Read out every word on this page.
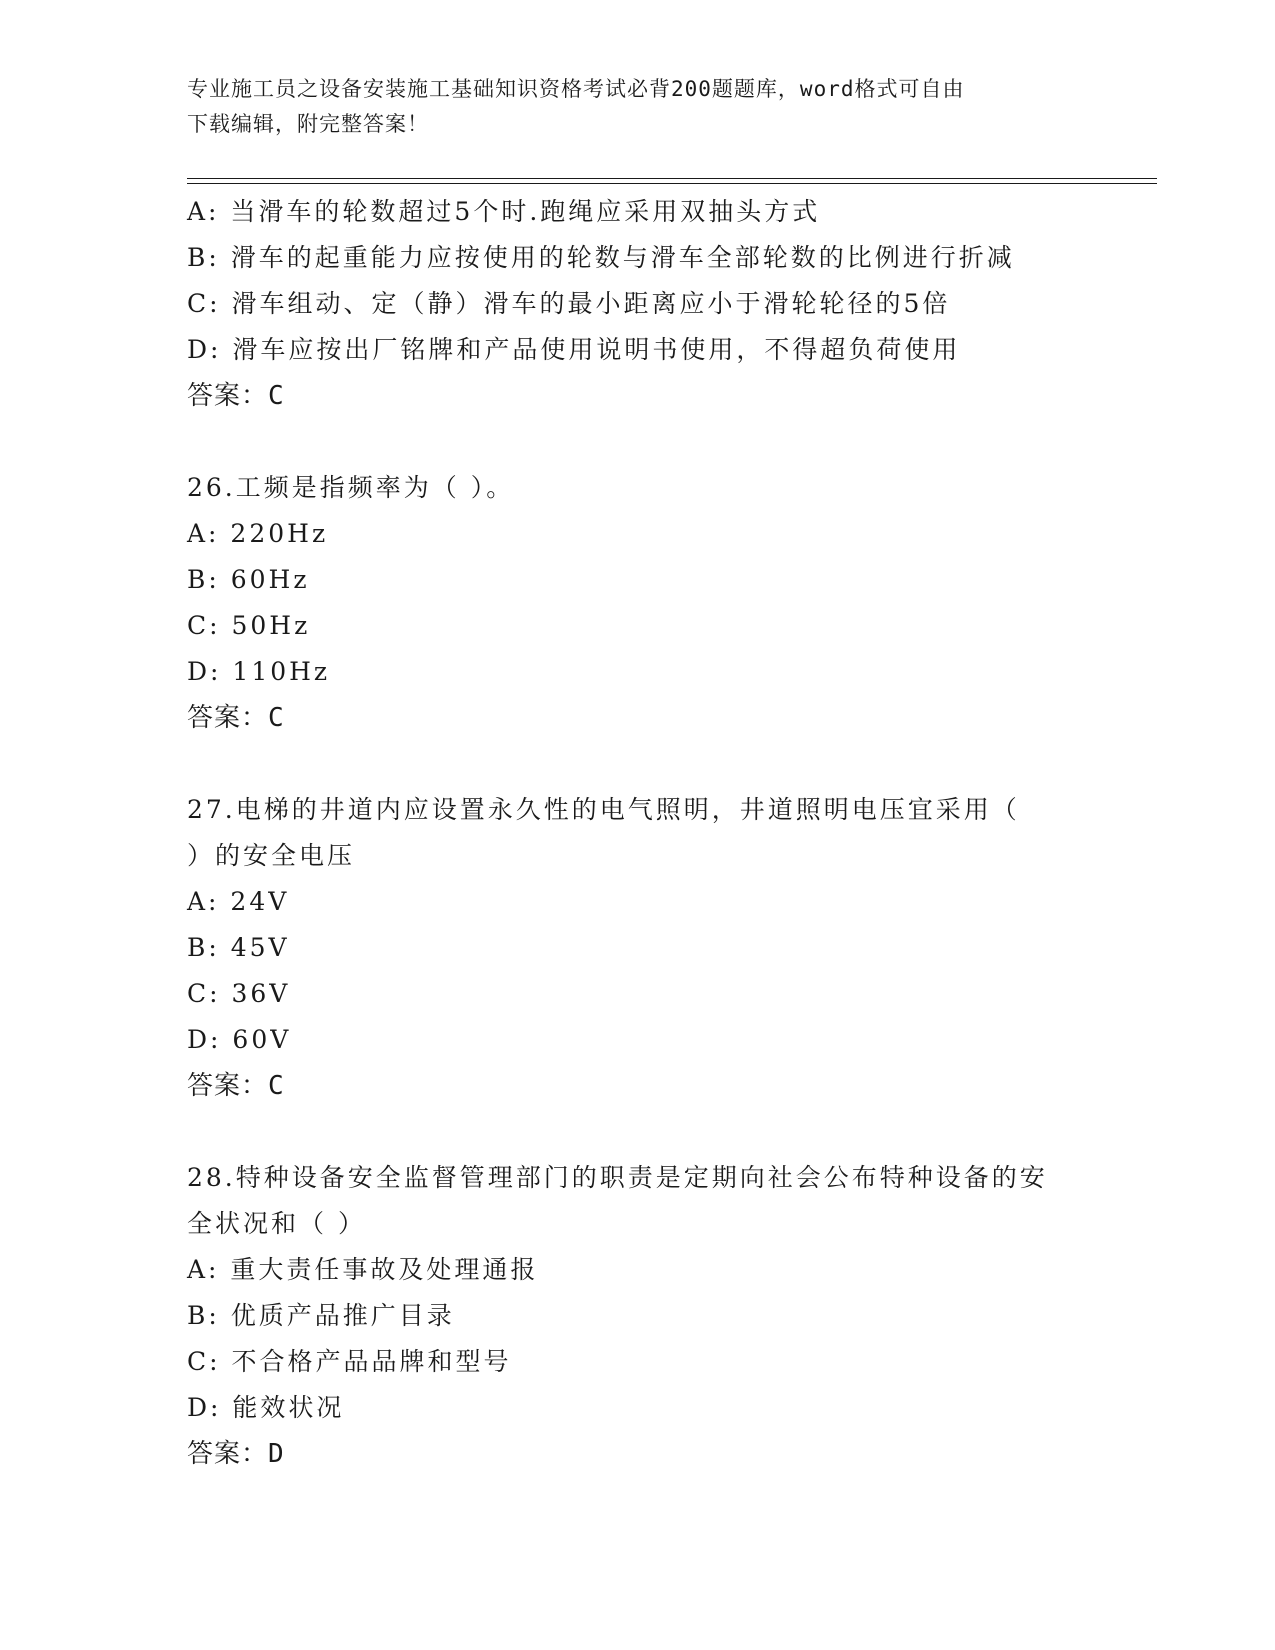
专业施工员之设备安装施工基础知识资格考试必背200题题库，word格式可自由
下载编辑，附完整答案！
A: 当滑车的轮数超过5个时.跑绳应采用双抽头方式
B: 滑车的起重能力应按使用的轮数与滑车全部轮数的比例进行折减
C: 滑车组动、定（静）滑车的最小距离应小于滑轮轮径的5倍
D: 滑车应按出厂铭牌和产品使用说明书使用，不得超负荷使用
答案：C
26.工频是指频率为（ ）。
A: 220Hz
B: 60Hz
C: 50Hz
D: 110Hz
答案：C
27.电梯的井道内应设置永久性的电气照明，井道照明电压宜采用（
）的安全电压
A: 24V
B: 45V
C: 36V
D: 60V
答案：C
28.特种设备安全监督管理部门的职责是定期向社会公布特种设备的安
全状况和（ ）
A: 重大责任事故及处理通报
B: 优质产品推广目录
C: 不合格产品品牌和型号
D: 能效状况
答案：D
